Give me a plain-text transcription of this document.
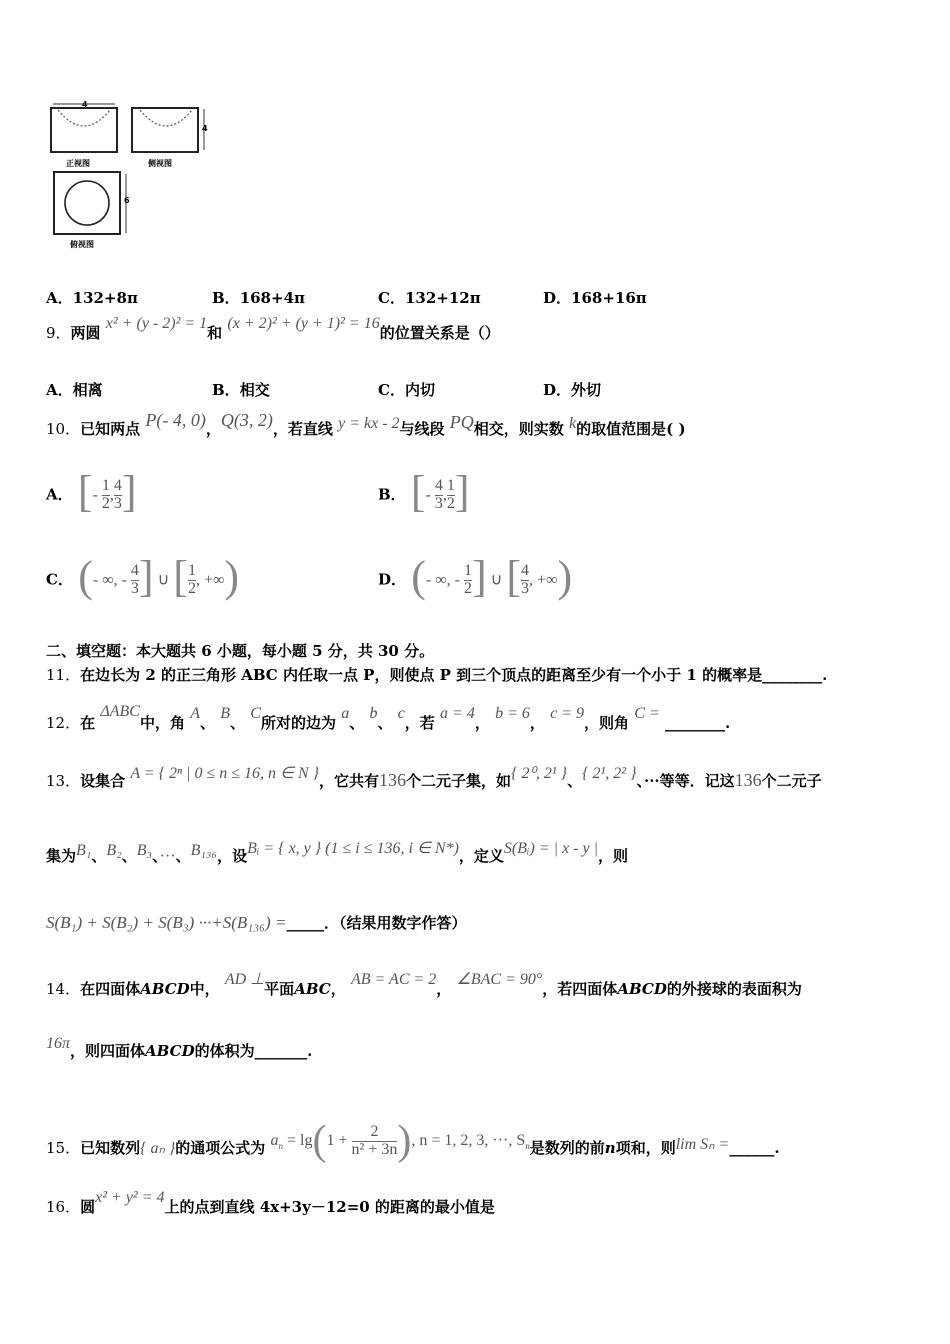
4
4
6
正视图	侧视图
俯视图
A．132+8π	B．168+4π	C．132+12π	D．168+16π
9．两圆 x² + (y - 2)² = 1和 (x + 2)² + (y + 1)² = 16的位置关系是（）
A．相离	B．相交	C．内切	D．外切
10．已知两点 P(- 4, 0)，Q(3, 2)，若直线 y = kx - 2与线段 PQ相交，则实数 k的取值范围是( )
A． [- $\frac{1}{2}$ , $\frac{4}{3}$ ]	B． [- $\frac{4}{3}$ , $\frac{1}{2}$ ]
C． (- ∞, - $\frac{4}{3}$ ] ∪ [ $\frac{1}{2}$ , +∞)	D． (- ∞, - $\frac{1}{2}$ ] ∪ [ $\frac{4}{3}$ , +∞)
二、填空题：本大题共 6 小题，每小题 5 分，共 30 分。
11．在边长为 2 的正三角形 ABC 内任取一点 P，则使点 P 到三个顶点的距离至少有一个小于 1 的概率是________.
12．在 ΔABC中，角 A、 B、 C所对的边为 a、 b、 c，若 a = 4， b = 6， c = 9，则角 C = ________.
13．设集合 A = { 2ⁿ | 0 ≤ n ≤ 16, n ∈ N }，它共有136个二元子集，如{ 2⁰, 2¹ }、{ 2¹, 2² }、···等等．记这136个二元子
集为B₁、B₂、B₃、···、B₁₃₆，设Bᵢ = { x, y } (1 ≤ i ≤ 136, i ∈ N*)，定义S(Bᵢ) = | x - y |，则
S(B₁) + S(B₂) + S(B₃) ···+S(B₁₃₆) =_____．（结果用数字作答）
14．在四面体ABCD中， AD ⊥平面ABC， AB = AC = 2， ∠BAC = 90°，若四面体ABCD的外接球的表面积为
16π，则四面体ABCD的体积为_______.
15．已知数列{ aₙ }的通项公式为 $a_n = \lg(1 + \frac{2}{\text{n² + 3n}}$ ), n = 1, 2, 3, ···, $S_n$是数列的前n项和，则lim Sₙ =______.
16．圆x² + y² = 4上的点到直线 4x+3y－12=0 的距离的最小值是
